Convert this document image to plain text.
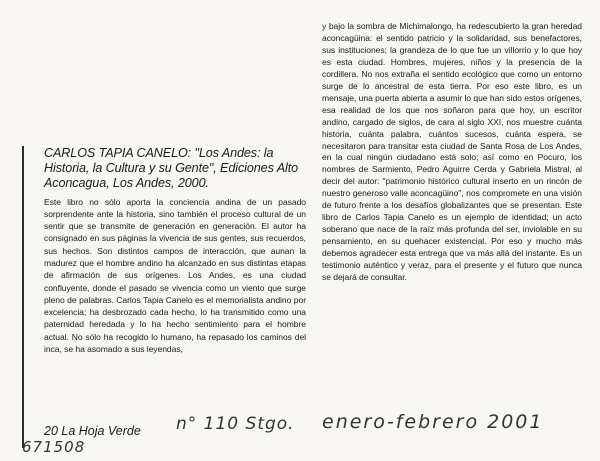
CARLOS TAPIA CANELO: "Los Andes: la Historia, la Cultura y su Gente", Ediciones Alto Aconcagua, Los Andes, 2000.

Este libro no sólo aporta la conciencia andina de un pasado sorprendente ante la historia, sino también el proceso cultural de un sentir que se transmite de generación en generación. El autor ha consignado en sus páginas la vivencia de sus gentes, sus recuerdos, sus hechos. Son distintos campos de interacción, que aunan la madurez que el hombre andino ha alcanzado en sus distintas etapas de afirmación de sus orígenes. Los Andes, es una ciudad confluyente, donde el pasado se vivencia como un viento que surge pleno de palabras. Carlos Tapia Canelo es el memorialista andino por excelencia; ha desbrozado cada hecho, lo ha transmitido como una paternidad heredada y lo ha hecho sentimiento para el hombre actual. No sólo ha recogido lo humano, ha repasado los caminos del inca, se ha asomado a sus leyendas,

y bajo la sombra de Michimalongo, ha redescubierto la gran heredad aconcagüina: el sentido patricio y la solidaridad, sus benefactores, sus instituciones; la grandeza de lo que fue un villorrio y lo que hoy es esta ciudad. Hombres, mujeres, niños y la presencia de la cordillera. No nos extraña el sentido ecológico que como un entorno surge de lo ancestral de esta tierra. Por eso este libro, es un mensaje, una puerta abierta a asumir lo que han sido estos orígenes, esa realidad de los que nos soñaron para que hoy, un escritor andino, cargado de siglos, de cara al siglo XXI, nos muestre cuánta historia, cuánta palabra, cuántos sucesos, cuánta espera, se necesitaron para transitar esta ciudad de Santa Rosa de Los Andes, en la cual ningún ciudadano está solo; así como en Pocuro, los nombres de Sarmiento, Pedro Aguirre Cerda y Gabriela Mistral, al decir del autor: "patrimonio histórico cultural inserto en un rincón de nuestro generoso valle aconcagüino", nos compromete en una visión de futuro frente a los desafíos globalizantes que se presentan. Este libro de Carlos Tapia Canelo es un ejemplo de identidad; un acto soberano que nace de la raíz más profunda del ser, inviolable en su pensamiento, en su quehacer existencial. Por eso y mucho más debemos agradecer esta entrega que va más allá del instante. Es un testimonio auténtico y veraz, para el presente y el futuro que nunca se dejará de consultar.

20 La Hoja Verde n° 110 Stgo. enero-febrero 2001
671508
